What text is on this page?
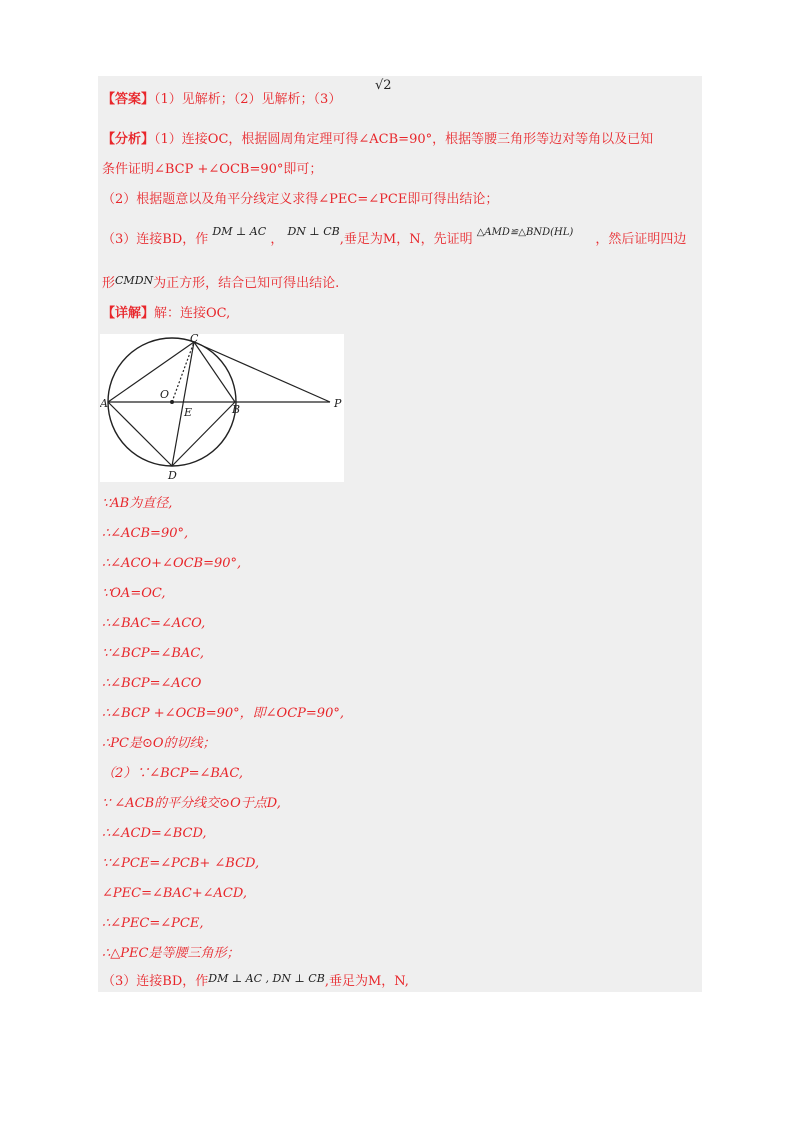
【答案】（1）见解析；（2）见解析；（3）
√2
【分析】（1）连接OC，根据圆周角定理可得∠ACB=90°，根据等腰三角形等边对等角以及已知
条件证明∠BCP +∠OCB=90°即可；
（2）根据题意以及角平分线定义求得∠PEC=∠PCE即可得出结论；
（3）连接BD，作 $^{DM \perp AC}$ ， $^{DN \perp CB}$,垂足为M，N，先证明 $^{\triangle AMD≌\triangle BND(HL)}$ ，然后证明四边
形$^{CMDN}$为正方形，结合已知可得出结论.
【详解】解：连接OC,
C
A
O
E	B	P
D
∵AB为直径,
∴∠ACB=90°,
∴∠ACO+∠OCB=90°,
∵OA=OC,
∴∠BAC=∠ACO,
∵∠BCP=∠BAC,
∴∠BCP=∠ACO
∴∠BCP +∠OCB=90°，即∠OCP=90°,
∴PC是⊙O的切线；
（2）∵∠BCP=∠BAC,
∵ ∠ACB的平分线交⊙O于点D,
∴∠ACD=∠BCD,
∵∠PCE=∠PCB+ ∠BCD,
∠PEC=∠BAC+∠ACD,
∴∠PEC=∠PCE,
∴△PEC是等腰三角形；
（3）连接BD，作$^{DM \perp AC , DN \perp CB}$,垂足为M，N,
